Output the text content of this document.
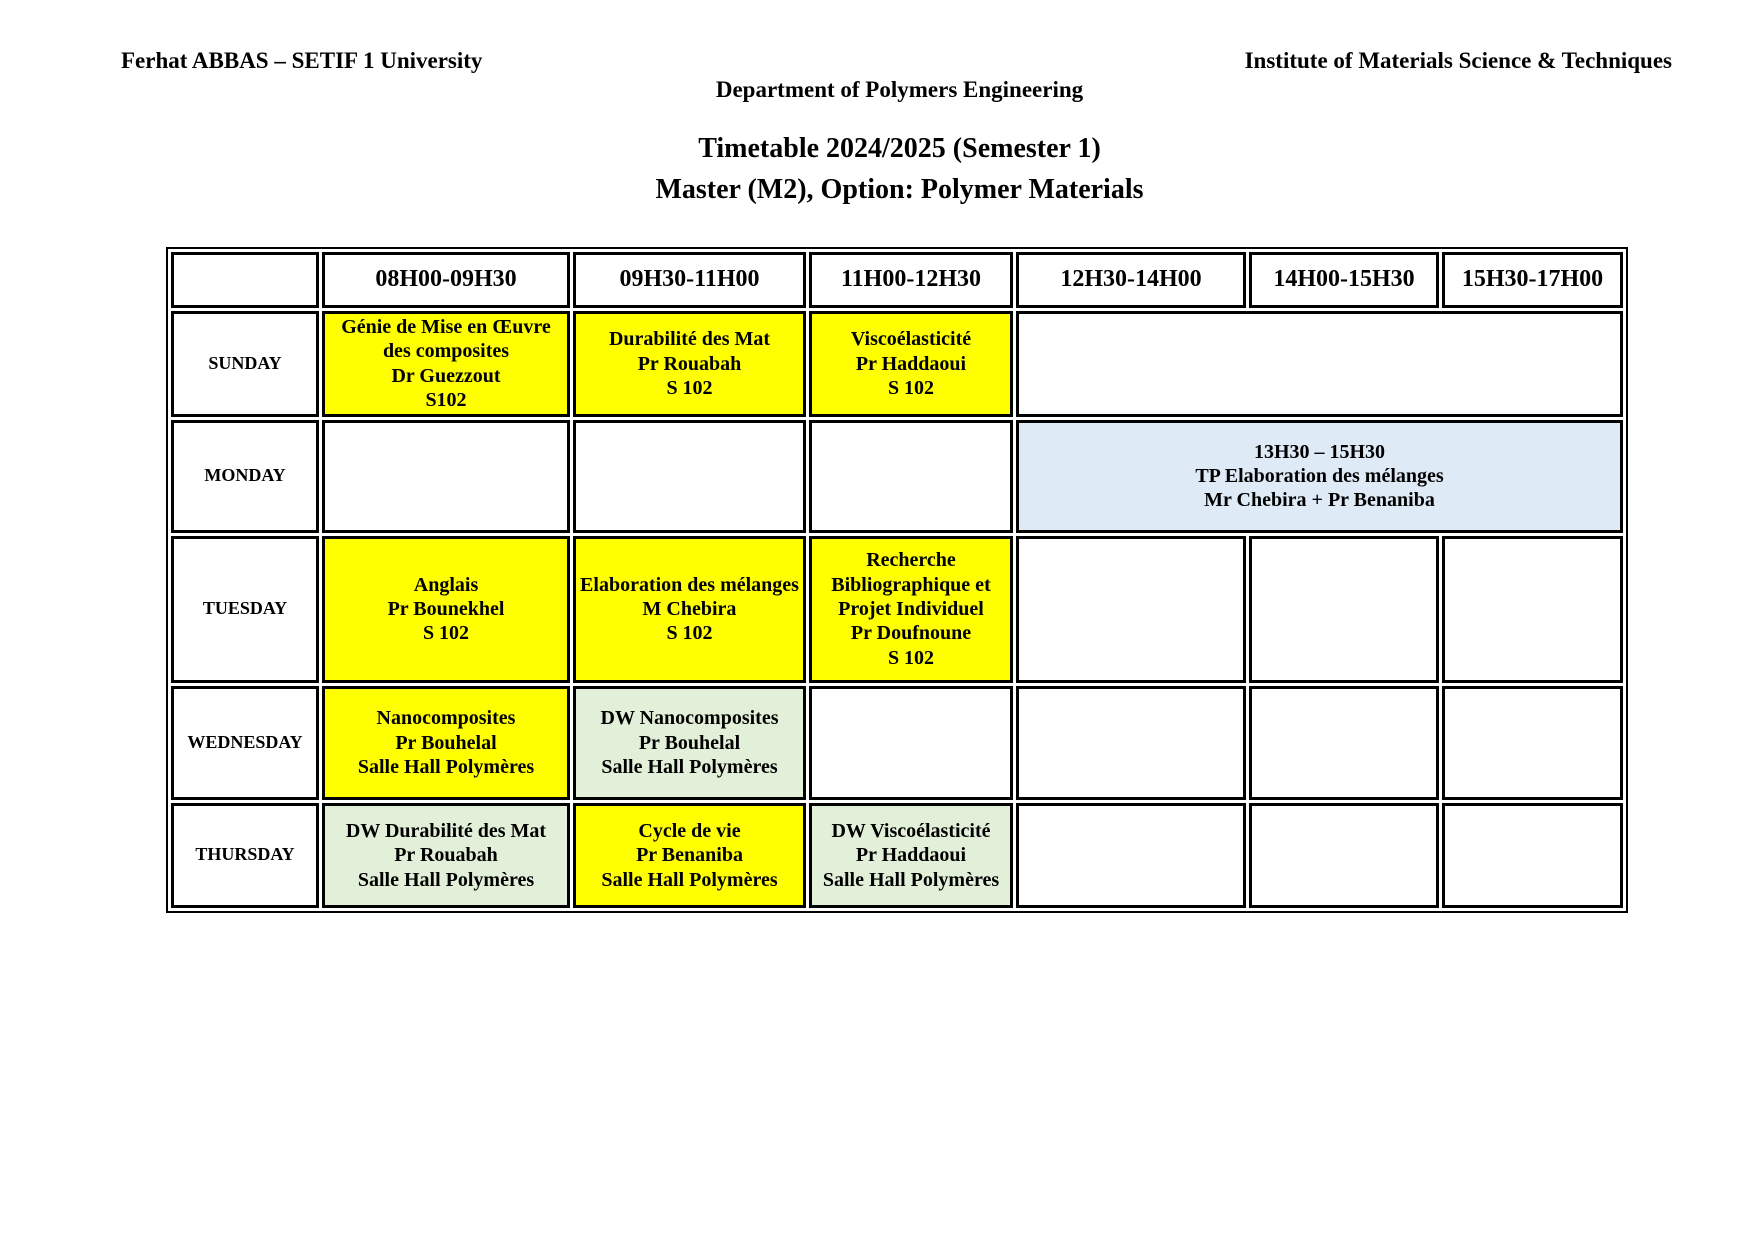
Ferhat ABBAS – SETIF 1 University	Institute of Materials Science & Techniques
Department of Polymers Engineering
Timetable 2024/2025 (Semester 1)
Master (M2), Option: Polymer Materials
	08H00-09H30	09H30-11H00	11H00-12H30	12H30-14H00	14H00-15H30	15H30-17H00
SUNDAY	Génie de Mise en Œuvre des composites
Dr Guezzout
S102	Durabilité des Mat
Pr Rouabah
S 102	Viscoélasticité
Pr Haddaoui
S 102			

MONDAY				13H30 – 15H30
TP Elaboration des mélanges
Mr Chebira + Pr Benaniba		

TUESDAY	Anglais
Pr Bounekhel
S 102	Elaboration des mélanges
M Chebira
S 102	Recherche Bibliographique et Projet Individuel
Pr Doufnoune
S 102			

WEDNESDAY	Nanocomposites
Pr Bouhelal
Salle Hall Polymères	DW Nanocomposites
Pr Bouhelal
Salle Hall Polymères				

THURSDAY	DW Durabilité des Mat
Pr Rouabah
Salle Hall Polymères	Cycle de vie
Pr Benaniba
Salle Hall Polymères	DW Viscoélasticité
Pr Haddaoui
Salle Hall Polymères			
